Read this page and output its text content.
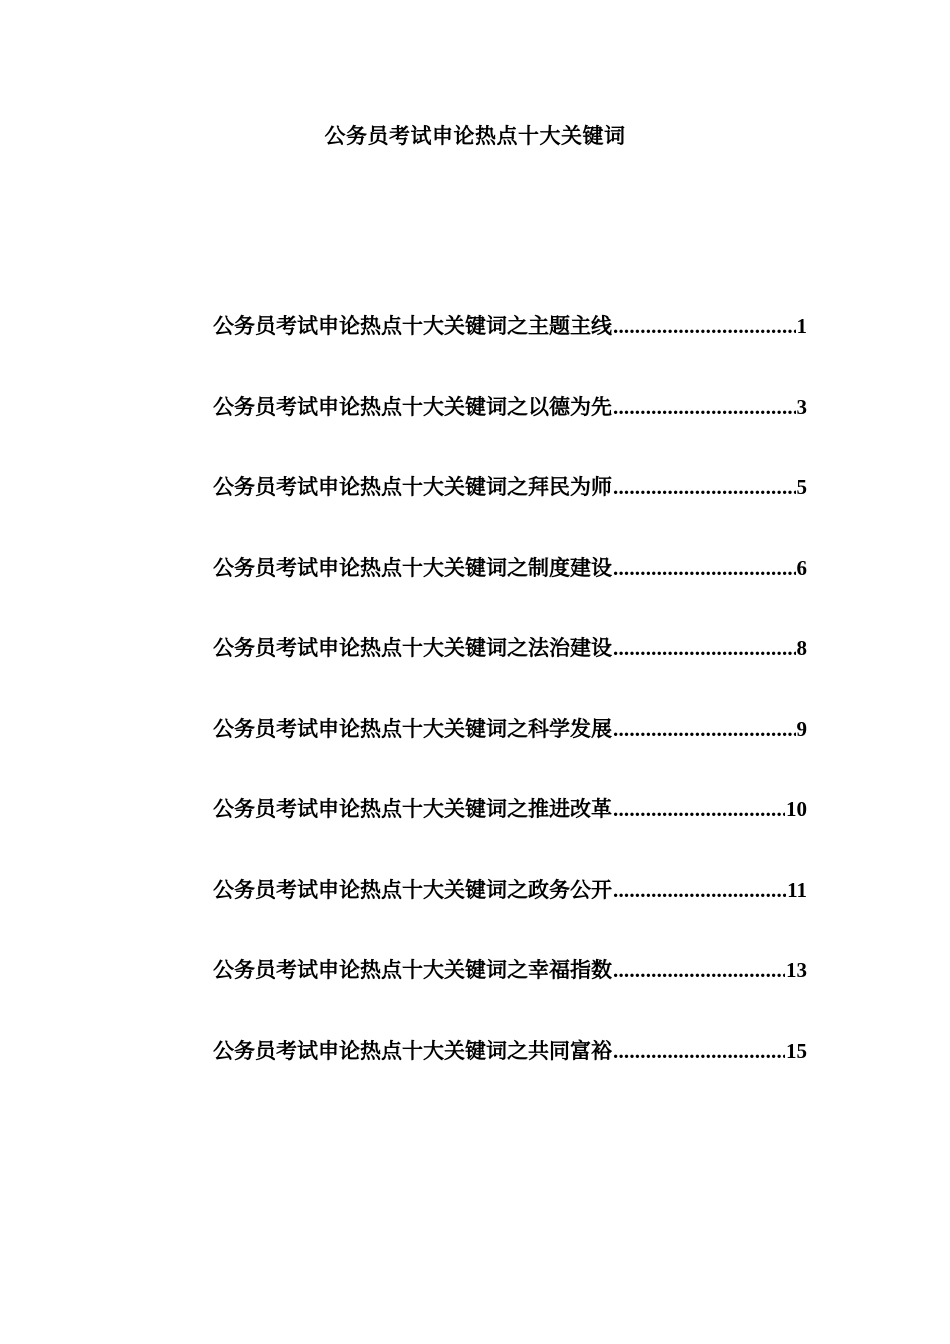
公务员考试申论热点十大关键词
公务员考试申论热点十大关键词之主题主线 .....	1
公务员考试申论热点十大关键词之以德为先 .....	3
公务员考试申论热点十大关键词之拜民为师 .....	5
公务员考试申论热点十大关键词之制度建设 .....	6
公务员考试申论热点十大关键词之法治建设 .....	8
公务员考试申论热点十大关键词之科学发展 .....	9
公务员考试申论热点十大关键词之推进改革 .....	10
公务员考试申论热点十大关键词之政务公开 .....	11
公务员考试申论热点十大关键词之幸福指数 .....	13
公务员考试申论热点十大关键词之共同富裕 .....	15
